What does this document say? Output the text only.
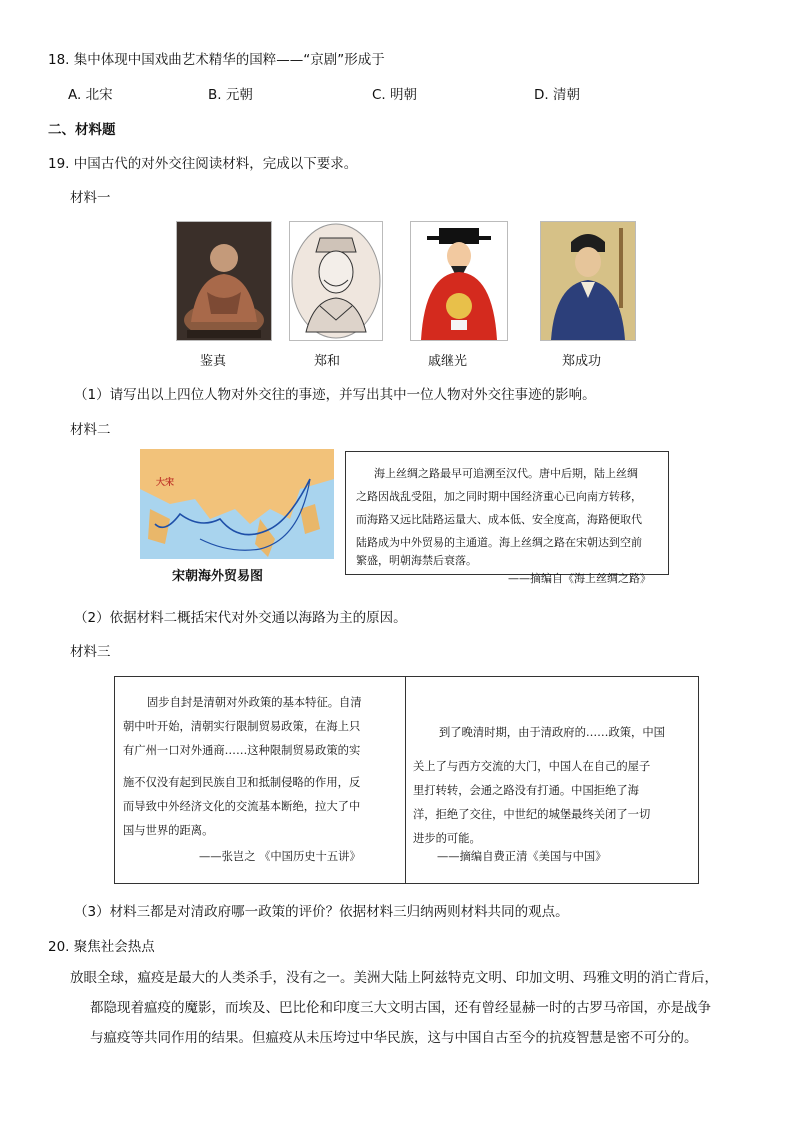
18. 集中体现中国戏曲艺术精华的国粹——“京剧”形成于
A. 北宋	B. 元朝	C. 明朝	D. 清朝
二、材料题
19. 中国古代的对外交往阅读材料，完成以下要求。
材料一
鉴真	郑和	戚继光	郑成功
（1）请写出以上四位人物对外交往的事迹，并写出其中一位人物对外交往事迹的影响。
材料二
大宋
宋朝海外贸易图
海上丝绸之路最早可追溯至汉代。唐中后期，陆上丝绸
之路因战乱受阻，加之同时期中国经济重心已向南方转移，
而海路又远比陆路运量大、成本低、安全度高，海路便取代
陆路成为中外贸易的主通道。海上丝绸之路在宋朝达到空前
繁盛，明朝海禁后衰落。
——摘编自《海上丝绸之路》
（2）依据材料二概括宋代对外交通以海路为主的原因。
材料三
固步自封是清朝对外政策的基本特征。自清
朝中叶开始，清朝实行限制贸易政策，在海上只
有广州一口对外通商……这种限制贸易政策的实
施不仅没有起到民族自卫和抵制侵略的作用，反
而导致中外经济文化的交流基本断绝，拉大了中
国与世界的距离。
——张岂之 《中国历史十五讲》
到了晚清时期，由于清政府的……政策，中国
关上了与西方交流的大门，中国人在自己的屋子
里打转转，会通之路没有打通。中国拒绝了海
洋，拒绝了交往，中世纪的城堡最终关闭了一切
进步的可能。
——摘编自费正清《美国与中国》
（3）材料三都是对清政府哪一政策的评价？依据材料三归纳两则材料共同的观点。
20. 聚焦社会热点
放眼全球，瘟疫是最大的人类杀手，没有之一。美洲大陆上阿兹特克文明、印加文明、玛雅文明的消亡背后，
都隐现着瘟疫的魔影，而埃及、巴比伦和印度三大文明古国，还有曾经显赫一时的古罗马帝国，亦是战争
与瘟疫等共同作用的结果。但瘟疫从未压垮过中华民族，这与中国自古至今的抗疫智慧是密不可分的。
